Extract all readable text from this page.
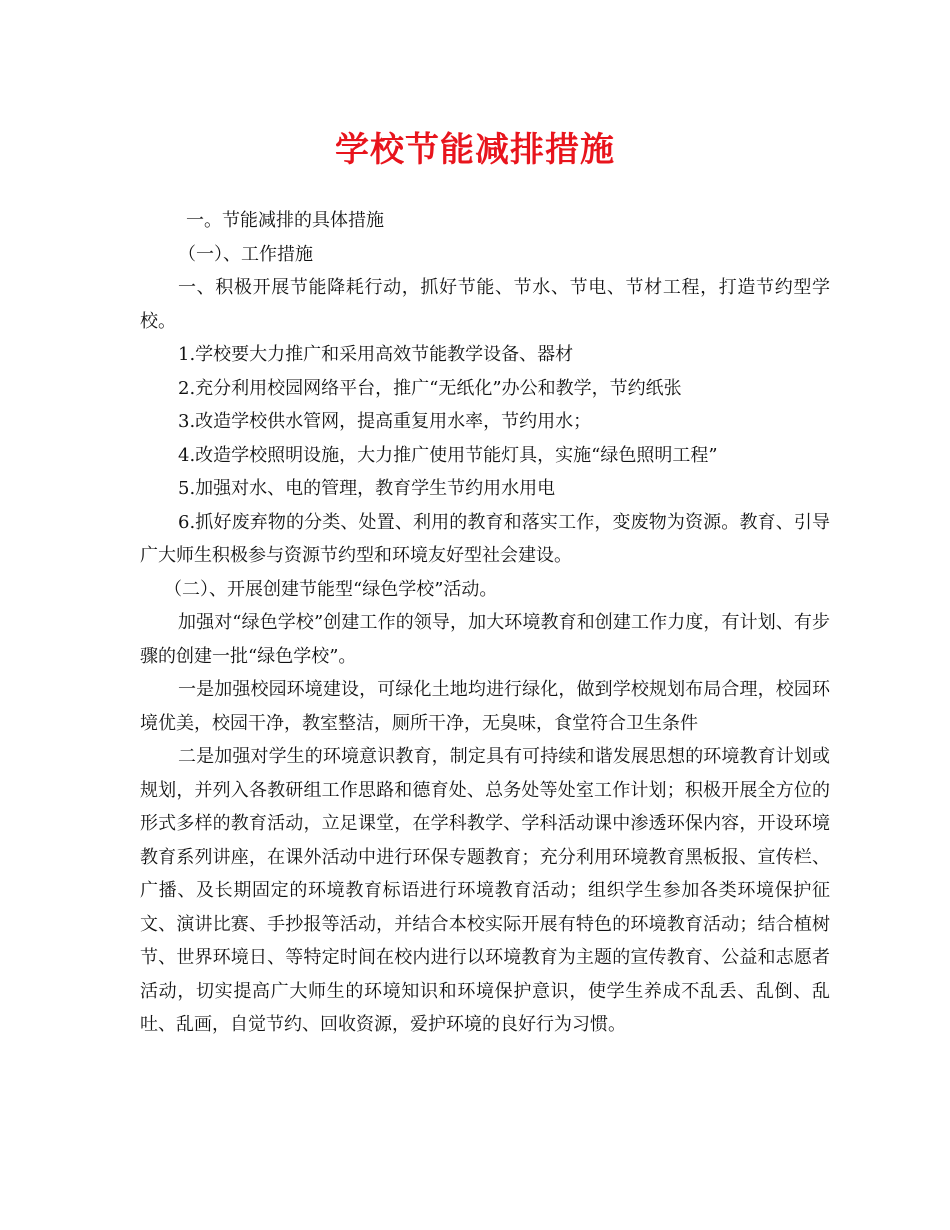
学校节能减排措施

一。节能减排的具体措施

（一）、工作措施

一、积极开展节能降耗行动，抓好节能、节水、节电、节材工程，打造节约型学校。

1.学校要大力推广和采用高效节能教学设备、器材

2.充分利用校园网络平台，推广“无纸化”办公和教学，节约纸张

3.改造学校供水管网，提高重复用水率，节约用水；

4.改造学校照明设施，大力推广使用节能灯具，实施“绿色照明工程”

5.加强对水、电的管理，教育学生节约用水用电

6.抓好废弃物的分类、处置、利用的教育和落实工作，变废物为资源。教育、引导广大师生积极参与资源节约型和环境友好型社会建设。

（二）、开展创建节能型“绿色学校”活动。

加强对“绿色学校”创建工作的领导，加大环境教育和创建工作力度，有计划、有步骤的创建一批“绿色学校”。

一是加强校园环境建设，可绿化土地均进行绿化，做到学校规划布局合理，校园环境优美，校园干净，教室整洁，厕所干净，无臭味，食堂符合卫生条件

二是加强对学生的环境意识教育，制定具有可持续和谐发展思想的环境教育计划或规划，并列入各教研组工作思路和德育处、总务处等处室工作计划；积极开展全方位的形式多样的教育活动，立足课堂，在学科教学、学科活动课中渗透环保内容，开设环境教育系列讲座，在课外活动中进行环保专题教育；充分利用环境教育黑板报、宣传栏、广播、及长期固定的环境教育标语进行环境教育活动；组织学生参加各类环境保护征文、演讲比赛、手抄报等活动，并结合本校实际开展有特色的环境教育活动；结合植树节、世界环境日、等特定时间在校内进行以环境教育为主题的宣传教育、公益和志愿者活动，切实提高广大师生的环境知识和环境保护意识，使学生养成不乱丢、乱倒、乱吐、乱画，自觉节约、回收资源，爱护环境的良好行为习惯。
